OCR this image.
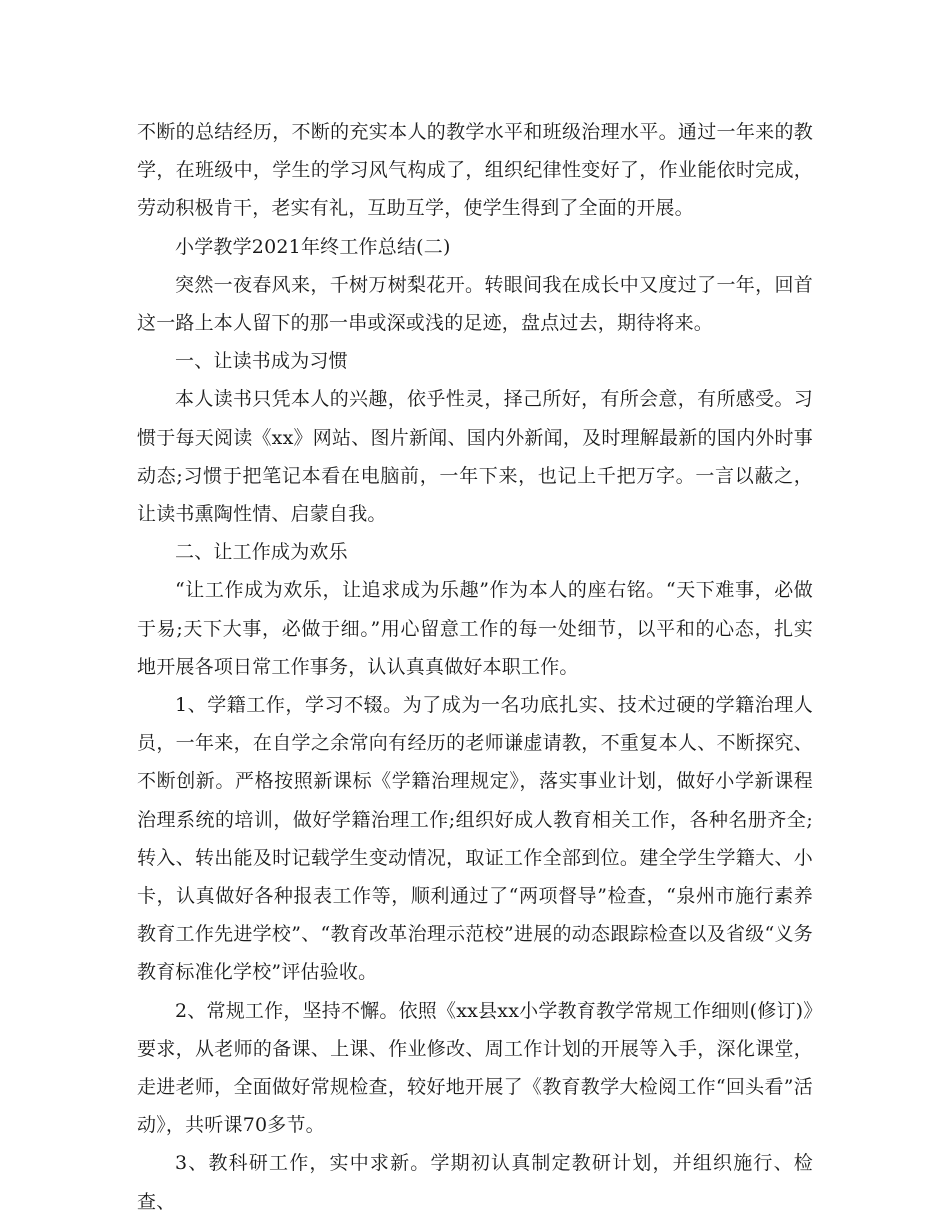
不断的总结经历，不断的充实本人的教学水平和班级治理水平。通过一年来的教学，在班级中，学生的学习风气构成了，组织纪律性变好了，作业能依时完成，劳动积极肯干，老实有礼，互助互学，使学生得到了全面的开展。

小学教学2021年终工作总结(二)

突然一夜春风来，千树万树梨花开。转眼间我在成长中又度过了一年，回首这一路上本人留下的那一串或深或浅的足迹，盘点过去，期待将来。

一、让读书成为习惯

本人读书只凭本人的兴趣，依乎性灵，择己所好，有所会意，有所感受。习惯于每天阅读《xx》网站、图片新闻、国内外新闻，及时理解最新的国内外时事动态;习惯于把笔记本看在电脑前，一年下来，也记上千把万字。一言以蔽之，让读书熏陶性情、启蒙自我。

二、让工作成为欢乐

“让工作成为欢乐，让追求成为乐趣”作为本人的座右铭。“天下难事，必做于易;天下大事，必做于细。”用心留意工作的每一处细节，以平和的心态，扎实地开展各项日常工作事务，认认真真做好本职工作。

1、学籍工作，学习不辍。为了成为一名功底扎实、技术过硬的学籍治理人员，一年来，在自学之余常向有经历的老师谦虚请教，不重复本人、不断探究、不断创新。严格按照新课标《学籍治理规定》，落实事业计划，做好小学新课程治理系统的培训，做好学籍治理工作;组织好成人教育相关工作，各种名册齐全;转入、转出能及时记载学生变动情况，取证工作全部到位。建全学生学籍大、小卡，认真做好各种报表工作等，顺利通过了“两项督导”检查，“泉州市施行素养教育工作先进学校”、“教育改革治理示范校”进展的动态跟踪检查以及省级“义务教育标准化学校”评估验收。

2、常规工作，坚持不懈。依照《xx县xx小学教育教学常规工作细则(修订)》要求，从老师的备课、上课、作业修改、周工作计划的开展等入手，深化课堂，走进老师，全面做好常规检查，较好地开展了《教育教学大检阅工作“回头看”活动》，共听课70多节。

3、教科研工作，实中求新。学期初认真制定教研计划，并组织施行、检查、
